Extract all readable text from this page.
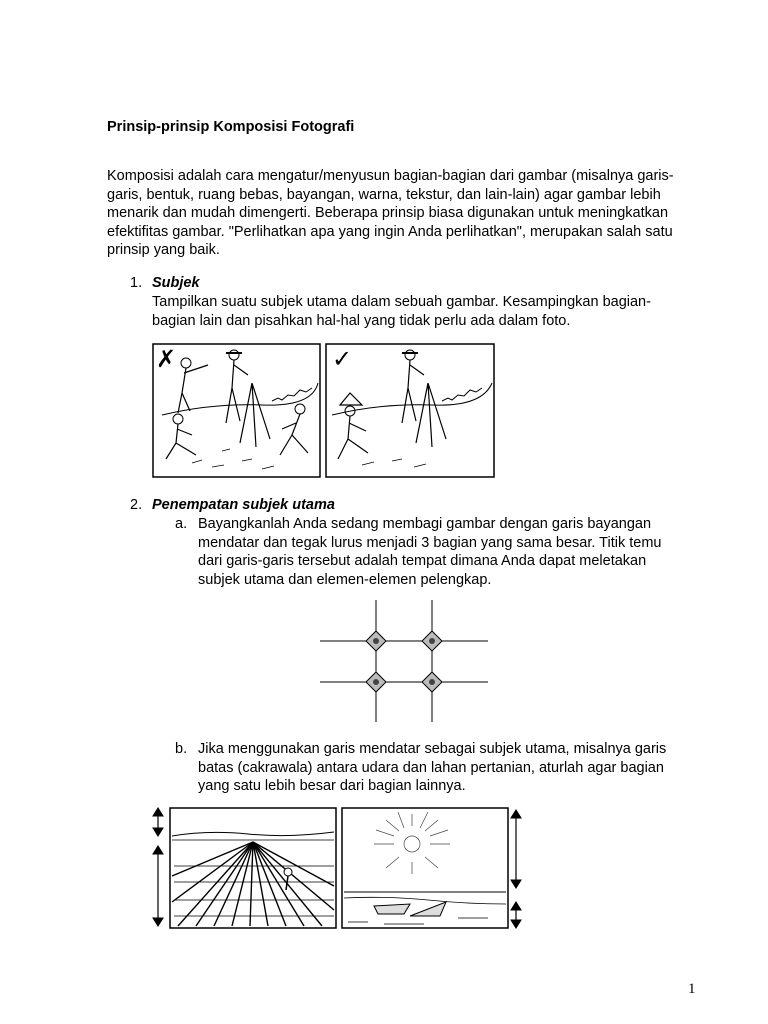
Prinsip-prinsip Komposisi Fotografi

Komposisi adalah cara mengatur/menyusun bagian-bagian dari gambar (misalnya garis-

garis, bentuk, ruang bebas, bayangan, warna, tekstur, dan lain-lain) agar gambar lebih

menarik dan mudah dimengerti. Beberapa prinsip biasa digunakan untuk meningkatkan

efektifitas gambar. "Perlihatkan apa yang ingin Anda perlihatkan", merupakan salah satu

prinsip yang baik.

1. Subjek

Tampilkan suatu subjek utama dalam sebuah gambar. Kesampingkan bagian-

bagian lain dan pisahkan hal-hal yang tidak perlu ada dalam foto.

✗	✓
2. Penempatan subjek utama
a. Bayangkanlah Anda sedang membagi gambar dengan garis bayangan

mendatar dan tegak lurus menjadi 3 bagian yang sama besar. Titik temu

dari garis-garis tersebut adalah tempat dimana Anda dapat meletakan

subjek utama dan elemen-elemen pelengkap.

b. Jika menggunakan garis mendatar sebagai subjek utama, misalnya garis

batas (cakrawala) antara udara dan lahan pertanian, aturlah agar bagian

yang satu lebih besar dari bagian lainnya.

1
